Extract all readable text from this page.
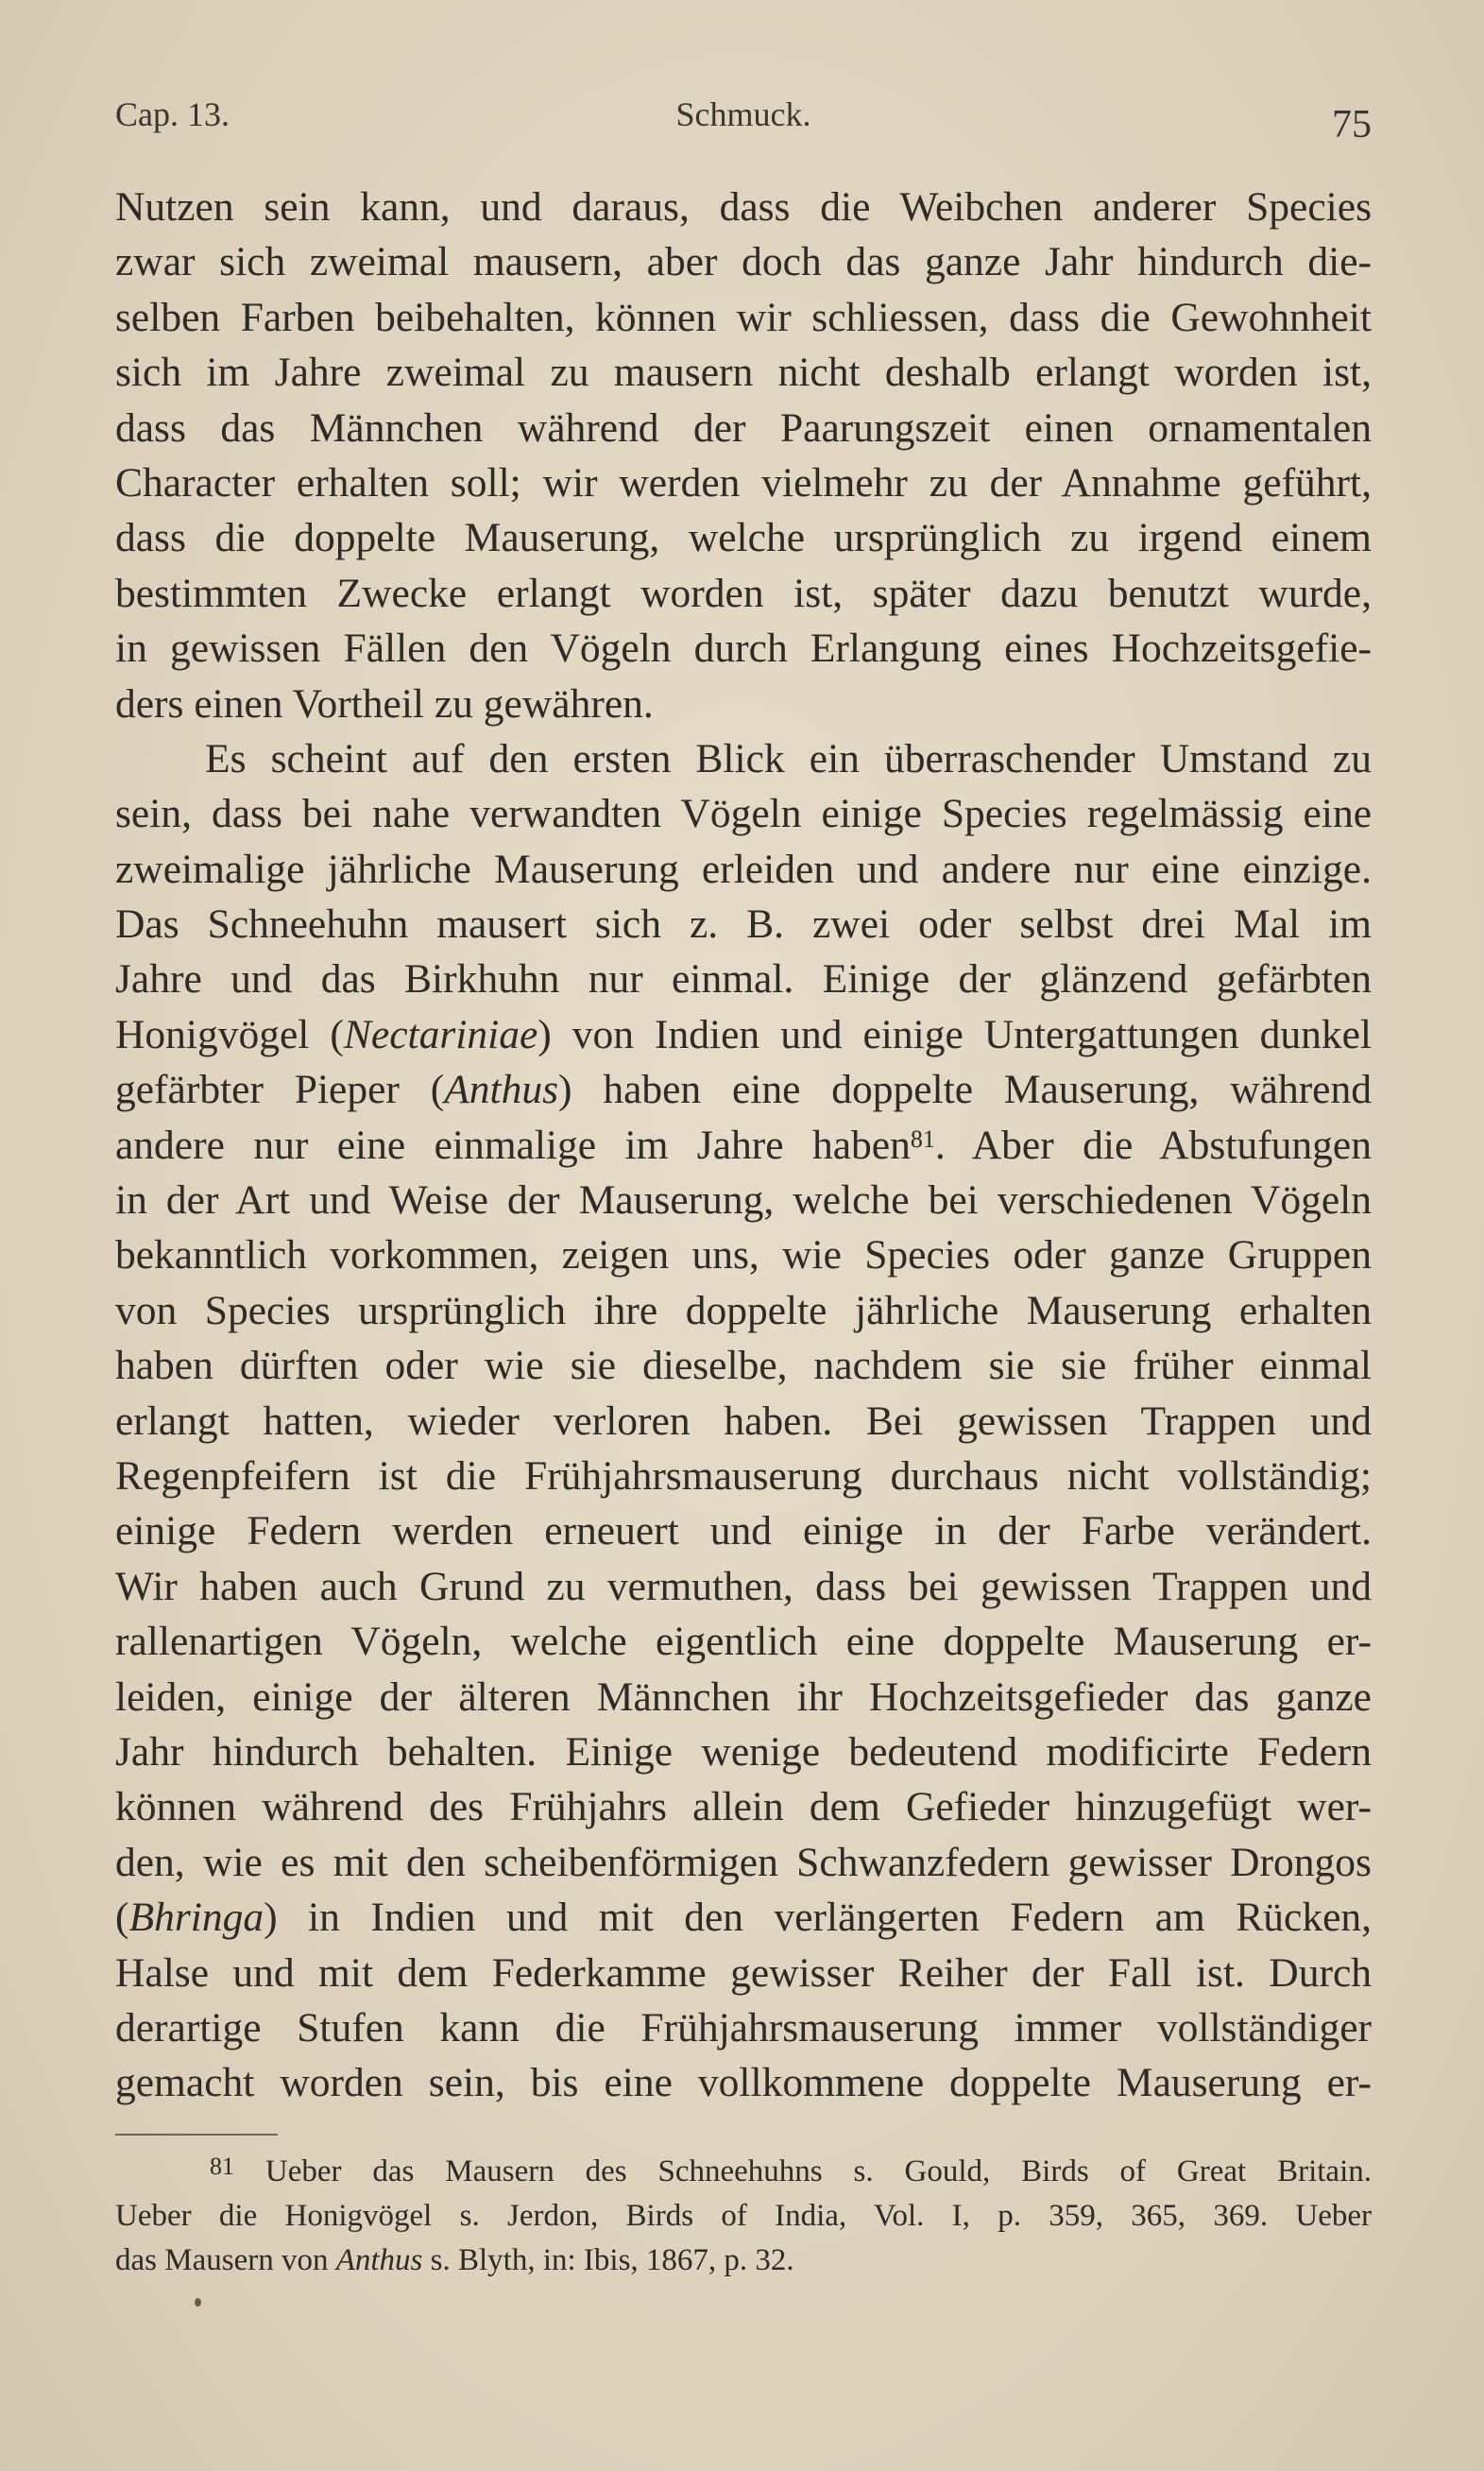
Cap. 13.	Schmuck.	75
Nutzen sein kann, und daraus, dass die Weibchen anderer Species
zwar sich zweimal mausern, aber doch das ganze Jahr hindurch die-
selben Farben beibehalten, können wir schliessen, dass die Gewohnheit
sich im Jahre zweimal zu mausern nicht deshalb erlangt worden ist,
dass das Männchen während der Paarungszeit einen ornamentalen
Character erhalten soll; wir werden vielmehr zu der Annahme geführt,
dass die doppelte Mauserung, welche ursprünglich zu irgend einem
bestimmten Zwecke erlangt worden ist, später dazu benutzt wurde,
in gewissen Fällen den Vögeln durch Erlangung eines Hochzeitsgefie-
ders einen Vortheil zu gewähren.
Es scheint auf den ersten Blick ein überraschender Umstand zu
sein, dass bei nahe verwandten Vögeln einige Species regelmässig eine
zweimalige jährliche Mauserung erleiden und andere nur eine einzige.
Das Schneehuhn mausert sich z. B. zwei oder selbst drei Mal im
Jahre und das Birkhuhn nur einmal. Einige der glänzend gefärbten
Honigvögel (Nectariniae) von Indien und einige Untergattungen dunkel
gefärbter Pieper (Anthus) haben eine doppelte Mauserung, während
andere nur eine einmalige im Jahre haben$^{81}$. Aber die Abstufungen
in der Art und Weise der Mauserung, welche bei verschiedenen Vögeln
bekanntlich vorkommen, zeigen uns, wie Species oder ganze Gruppen
von Species ursprünglich ihre doppelte jährliche Mauserung erhalten
haben dürften oder wie sie dieselbe, nachdem sie sie früher einmal
erlangt hatten, wieder verloren haben. Bei gewissen Trappen und
Regenpfeifern ist die Frühjahrsmauserung durchaus nicht vollständig;
einige Federn werden erneuert und einige in der Farbe verändert.
Wir haben auch Grund zu vermuthen, dass bei gewissen Trappen und
rallenartigen Vögeln, welche eigentlich eine doppelte Mauserung er-
leiden, einige der älteren Männchen ihr Hochzeitsgefieder das ganze
Jahr hindurch behalten. Einige wenige bedeutend modificirte Federn
können während des Frühjahrs allein dem Gefieder hinzugefügt wer-
den, wie es mit den scheibenförmigen Schwanzfedern gewisser Drongos
(Bhringa) in Indien und mit den verlängerten Federn am Rücken,
Halse und mit dem Federkamme gewisser Reiher der Fall ist. Durch
derartige Stufen kann die Frühjahrsmauserung immer vollständiger
gemacht worden sein, bis eine vollkommene doppelte Mauserung er-
$^{81}$ Ueber das Mausern des Schneehuhns s. Gould, Birds of Great Britain.
Ueber die Honigvögel s. Jerdon, Birds of India, Vol. I, p. 359, 365, 369. Ueber
das Mausern von Anthus s. Blyth, in: Ibis, 1867, p. 32.
